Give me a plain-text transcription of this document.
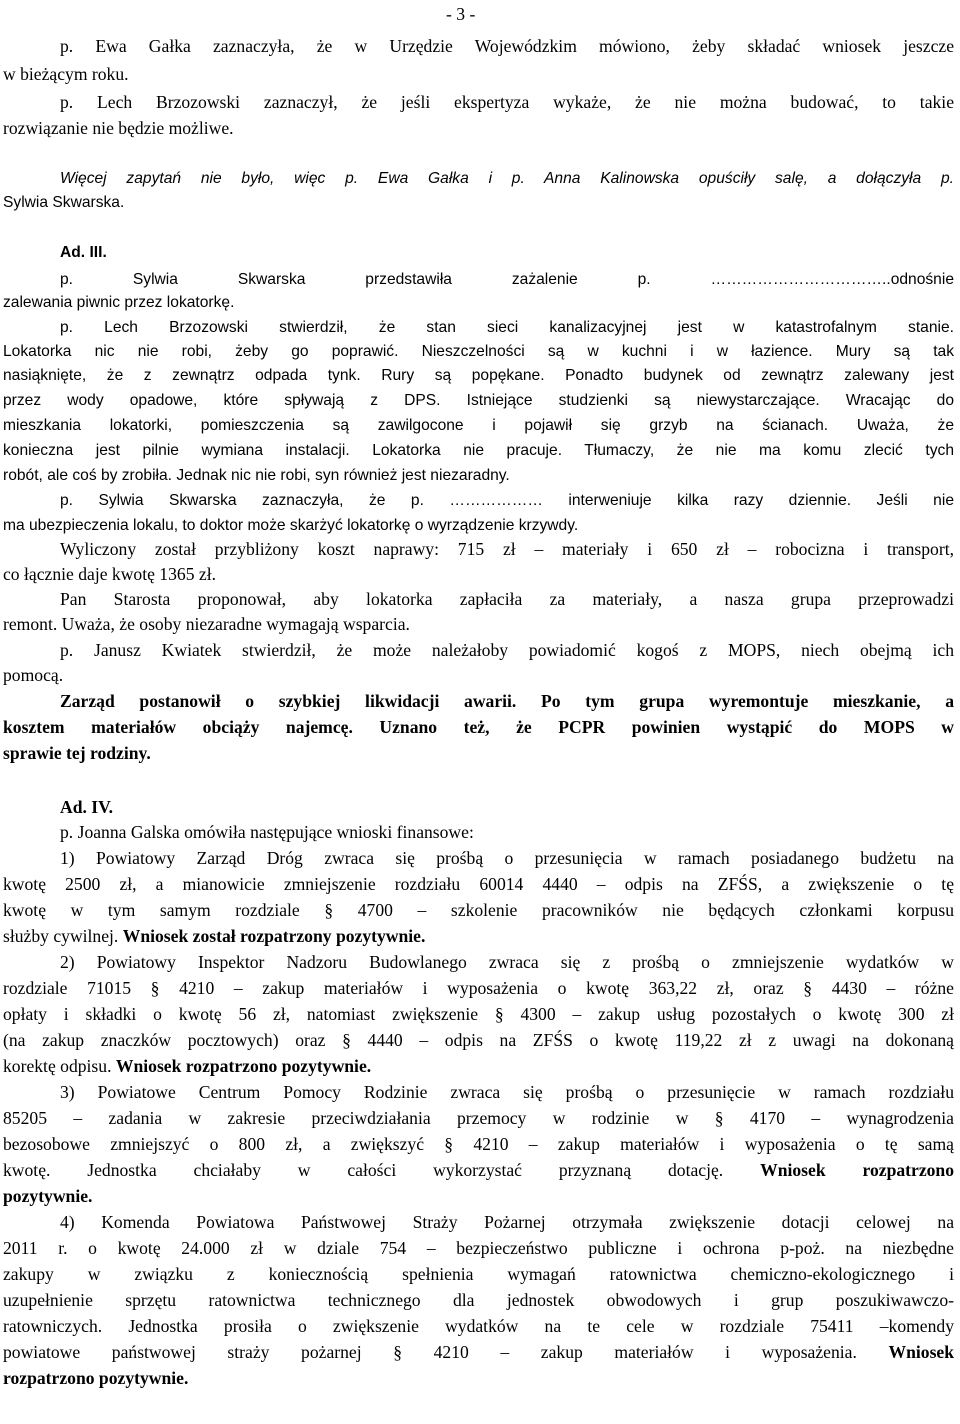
- 3 -
p. Ewa Gałka zaznaczyła, że w Urzędzie Wojewódzkim mówiono, żeby składać wniosek jeszcze
w bieżącym roku.
p. Lech Brzozowski zaznaczył, że jeśli ekspertyza wykaże, że nie można budować, to takie
rozwiązanie nie będzie możliwe.
Więcej zapytań nie było, więc p. Ewa Gałka i p. Anna Kalinowska opuściły salę, a dołączyła p.
Sylwia Skwarska.
Ad. III.
p. Sylwia Skwarska przedstawiła zażalenie p. ……………………………..odnośnie
zalewania piwnic przez lokatorkę.
p. Lech Brzozowski stwierdził, że stan sieci kanalizacyjnej jest w katastrofalnym stanie.
Lokatorka nic nie robi, żeby go poprawić. Nieszczelności są w kuchni i w łazience. Mury są tak
nasiąknięte, że z zewnątrz odpada tynk. Rury są popękane. Ponadto budynek od zewnątrz zalewany jest
przez wody opadowe, które spływają z DPS. Istniejące studzienki są niewystarczające. Wracając do
mieszkania lokatorki, pomieszczenia są zawilgocone i pojawił się grzyb na ścianach. Uważa, że
konieczna jest pilnie wymiana instalacji. Lokatorka nie pracuje. Tłumaczy, że nie ma komu zlecić tych
robót, ale coś by zrobiła. Jednak nic nie robi, syn również jest niezaradny.
p. Sylwia Skwarska zaznaczyła, że p. ……………… interweniuje kilka razy dziennie. Jeśli nie
ma ubezpieczenia lokalu, to doktor może skarżyć lokatorkę o wyrządzenie krzywdy.
Wyliczony został przybliżony koszt naprawy: 715 zł – materiały i 650 zł – robocizna i transport,
co łącznie daje kwotę 1365 zł.
Pan Starosta proponował, aby lokatorka zapłaciła za materiały, a nasza grupa przeprowadzi
remont. Uważa, że osoby niezaradne wymagają wsparcia.
p. Janusz Kwiatek stwierdził, że może należałoby powiadomić kogoś z MOPS, niech obejmą ich
pomocą.
Zarząd postanowił o szybkiej likwidacji awarii. Po tym grupa wyremontuje mieszkanie, a
kosztem materiałów obciąży najemcę. Uznano też, że PCPR powinien wystąpić do MOPS w
sprawie tej rodziny.
Ad. IV.
p. Joanna Galska omówiła następujące wnioski finansowe:
1) Powiatowy Zarząd Dróg zwraca się prośbą o przesunięcia w ramach posiadanego budżetu na
kwotę 2500 zł, a mianowicie zmniejszenie rozdziału 60014 4440 – odpis na ZFŚS, a zwiększenie o tę
kwotę w tym samym rozdziale § 4700 – szkolenie pracowników nie będących członkami korpusu
służby cywilnej. Wniosek został rozpatrzony pozytywnie.
2) Powiatowy Inspektor Nadzoru Budowlanego zwraca się z prośbą o zmniejszenie wydatków w
rozdziale 71015 § 4210 – zakup materiałów i wyposażenia o kwotę 363,22 zł, oraz § 4430 – różne
opłaty i składki o kwotę 56 zł, natomiast zwiększenie § 4300 – zakup usług pozostałych o kwotę 300 zł
(na zakup znaczków pocztowych) oraz § 4440 – odpis na ZFŚS o kwotę 119,22 zł z uwagi na dokonaną
korektę odpisu. Wniosek rozpatrzono pozytywnie.
3) Powiatowe Centrum Pomocy Rodzinie zwraca się prośbą o przesunięcie w ramach rozdziału
85205 – zadania w zakresie przeciwdziałania przemocy w rodzinie w § 4170 – wynagrodzenia
bezosobowe zmniejszyć o 800 zł, a zwiększyć § 4210 – zakup materiałów i wyposażenia o tę samą
kwotę. Jednostka chciałaby w całości wykorzystać przyznaną dotację. Wniosek rozpatrzono
pozytywnie.
4) Komenda Powiatowa Państwowej Straży Pożarnej otrzymała zwiększenie dotacji celowej na
2011 r. o kwotę 24.000 zł w dziale 754 – bezpieczeństwo publiczne i ochrona p-poż. na niezbędne
zakupy w związku z koniecznością spełnienia wymagań ratownictwa chemiczno-ekologicznego i
uzupełnienie sprzętu ratownictwa technicznego dla jednostek obwodowych i grup poszukiwawczo-
ratowniczych. Jednostka prosiła o zwiększenie wydatków na te cele w rozdziale 75411 –komendy
powiatowe państwowej straży pożarnej § 4210 – zakup materiałów i wyposażenia. Wniosek
rozpatrzono pozytywnie.
